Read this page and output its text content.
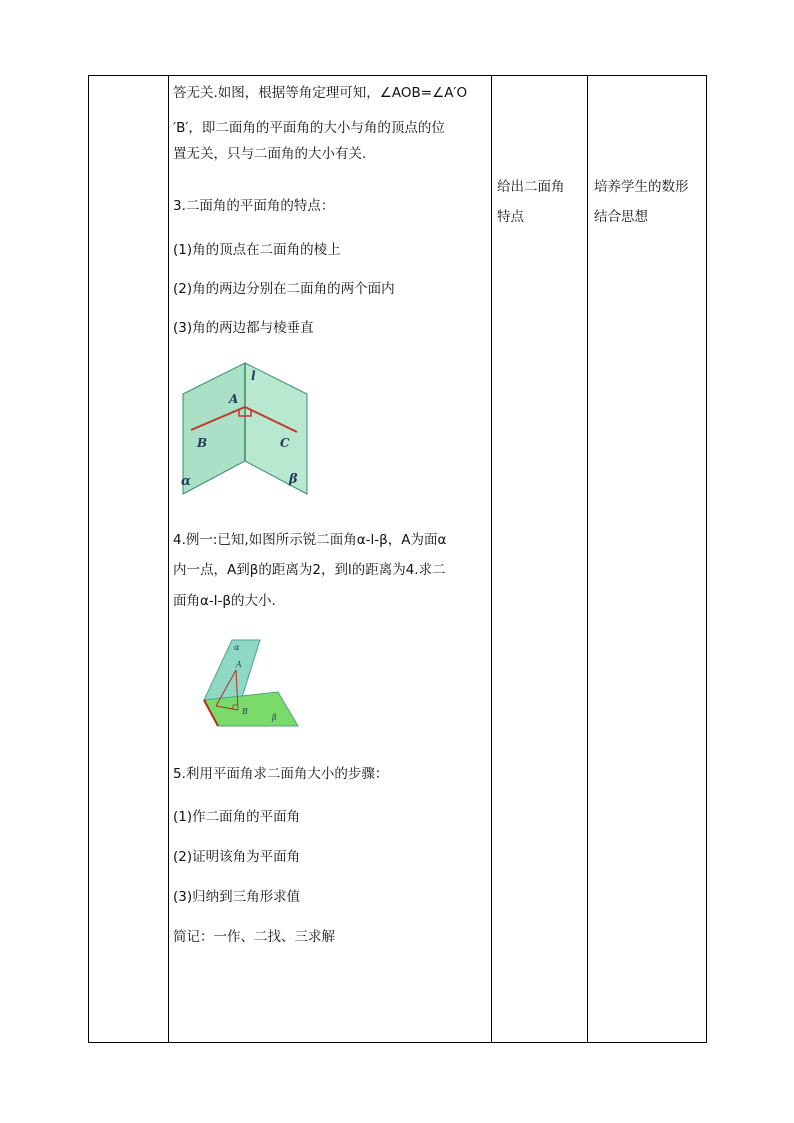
答无关.如图，根据等角定理可知，∠AOB=∠A′O
′B′，即二面角的平面角的大小与角的顶点的位
置无关，只与二面角的大小有关.
3.二面角的平面角的特点：
(1)角的顶点在二面角的棱上
(2)角的两边分别在二面角的两个面内
(3)角的两边都与棱垂直
l
A
B	C
α	β
4.例一:已知,如图所示锐二面角α-l-β，A为面α
内一点，A到β的距离为2，到l的距离为4.求二
面角α-l-β的大小.
α
A
B
β
5.利用平面角求二面角大小的步骤：
(1)作二面角的平面角
(2)证明该角为平面角
(3)归纳到三角形求值
简记：一作、二找、三求解
给出二面角
特点
培养学生的数形
结合思想
